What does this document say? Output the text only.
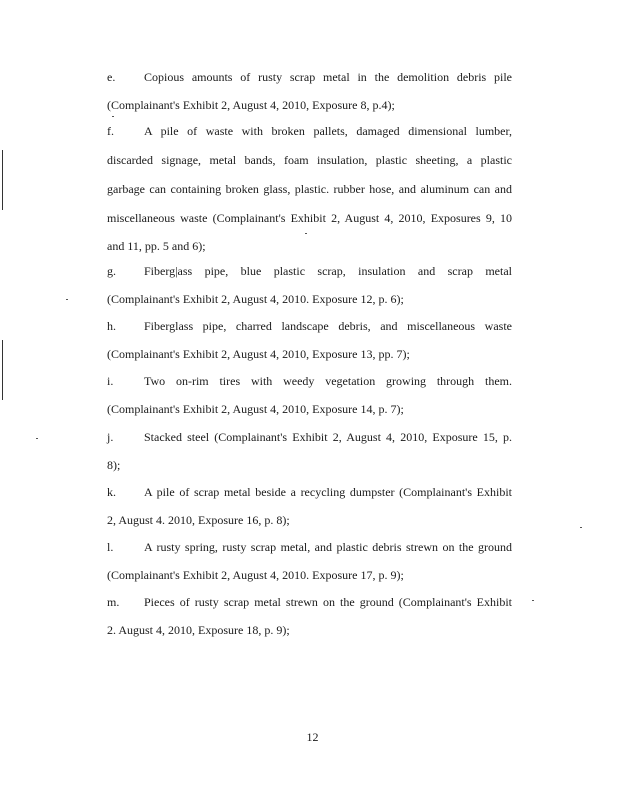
e. Copious amounts of rusty scrap metal in the demolition debris pile
(Complainant's Exhibit 2, August 4, 2010, Exposure 8, p.4);
f.	A pile of waste with broken pallets, damaged dimensional lumber,
discarded signage, metal bands, foam insulation, plastic sheeting, a plastic
garbage can containing broken glass, plastic. rubber hose, and aluminum can and
miscellaneous waste (Complainant's Exhibit 2, August 4, 2010, Exposures 9, 10
and 11, pp. 5 and 6);
g. Fiberg|ass pipe, blue plastic scrap, insulation and scrap metal
(Complainant's Exhibit 2, August 4, 2010. Exposure 12, p. 6);
h. Fiberglass pipe, charred landscape debris, and miscellaneous waste
(Complainant's Exhibit 2, August 4, 2010, Exposure 13, pp. 7);
i.	Two on-rim tires with weedy vegetation growing through them.
(Complainant's Exhibit 2, August 4, 2010, Exposure 14, p. 7);
j.	Stacked steel (Complainant's Exhibit 2, August 4, 2010, Exposure 15, p.
8);
k. A pile of scrap metal beside a recycling dumpster (Complainant's Exhibit
2, August 4. 2010, Exposure 16, p. 8);
l.	A rusty spring, rusty scrap metal, and plastic debris strewn on the ground
(Complainant's Exhibit 2, August 4, 2010. Exposure 17, p. 9);
m. Pieces of rusty scrap metal strewn on the ground (Complainant's Exhibit
2. August 4, 2010, Exposure 18, p. 9);
12
